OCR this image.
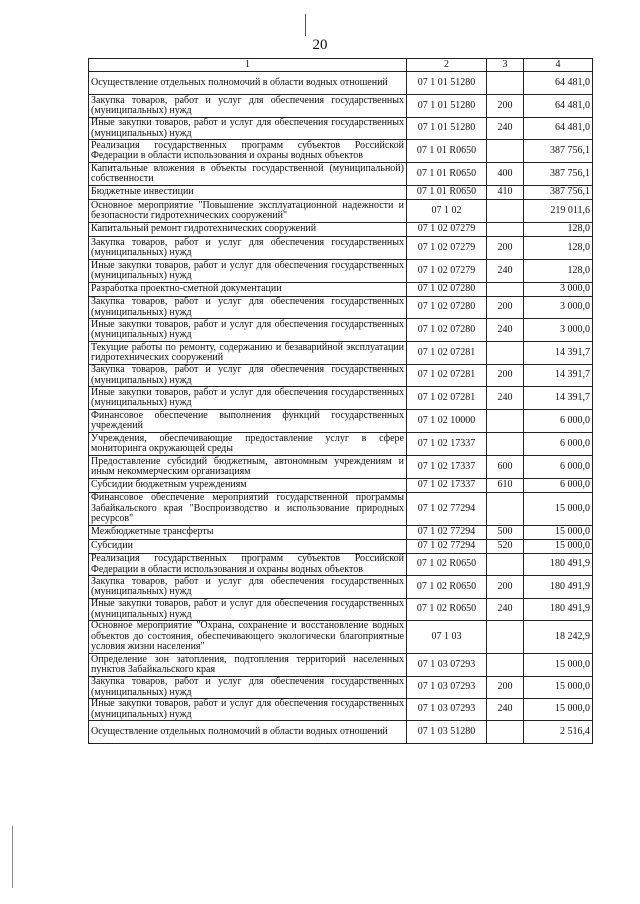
20
1	2	3	4
Осуществление отдельных полномочий в области водных отношений	07 1 01 51280		64 481,0
Закупка товаров, работ и услуг для обеспечения государственных (муниципальных) нужд	07 1 01 51280	200	64 481,0
Иные закупки товаров, работ и услуг для обеспечения государственных (муниципальных) нужд	07 1 01 51280	240	64 481,0
Реализация государственных программ субъектов Российской Федерации в области использования и охраны водных объектов	07 1 01 R0650		387 756,1
Капитальные вложения в объекты государственной (муниципальной) собственности	07 1 01 R0650	400	387 756,1
Бюджетные инвестиции	07 1 01 R0650	410	387 756,1
Основное мероприятие "Повышение эксплуатационной надежности и безопасности гидротехнических сооружений"	07 1 02		219 011,6
Капитальный ремонт гидротехнических сооружений	07 1 02 07279		128,0
Закупка товаров, работ и услуг для обеспечения государственных (муниципальных) нужд	07 1 02 07279	200	128,0
Иные закупки товаров, работ и услуг для обеспечения государственных (муниципальных) нужд	07 1 02 07279	240	128,0
Разработка проектно-сметной документации	07 1 02 07280		3 000,0
Закупка товаров, работ и услуг для обеспечения государственных (муниципальных) нужд	07 1 02 07280	200	3 000,0
Иные закупки товаров, работ и услуг для обеспечения государственных (муниципальных) нужд	07 1 02 07280	240	3 000,0
Текущие работы по ремонту, содержанию и безаварийной эксплуатации гидротехнических сооружений	07 1 02 07281		14 391,7
Закупка товаров, работ и услуг для обеспечения государственных (муниципальных) нужд	07 1 02 07281	200	14 391,7
Иные закупки товаров, работ и услуг для обеспечения государственных (муниципальных) нужд	07 1 02 07281	240	14 391,7
Финансовое обеспечение выполнения функций государственных учреждений	07 1 02 10000		6 000,0
Учреждения, обеспечивающие предоставление услуг в сфере мониторинга окружающей среды	07 1 02 17337		6 000,0
Предоставление субсидий бюджетным, автономным учреждениям и иным некоммерческим организациям	07 1 02 17337	600	6 000,0
Субсидии бюджетным учреждениям	07 1 02 17337	610	6 000,0
Финансовое обеспечение мероприятий государственной программы Забайкальского края "Воспроизводство и использование природных ресурсов"	07 1 02 77294		15 000,0
Межбюджетные трансферты	07 1 02 77294	500	15 000,0
Субсидии	07 1 02 77294	520	15 000,0
Реализация государственных программ субъектов Российской Федерации в области использования и охраны водных объектов	07 1 02 R0650		180 491,9
Закупка товаров, работ и услуг для обеспечения государственных (муниципальных) нужд	07 1 02 R0650	200	180 491,9
Иные закупки товаров, работ и услуг для обеспечения государственных (муниципальных) нужд	07 1 02 R0650	240	180 491,9
Основное мероприятие "Охрана, сохранение и восстановление водных объектов до состояния, обеспечивающего экологически благоприятные условия жизни населения"	07 1 03		18 242,9
Определение зон затопления, подтопления территорий населенных пунктов Забайкальского края	07 1 03 07293		15 000,0
Закупка товаров, работ и услуг для обеспечения государственных (муниципальных) нужд	07 1 03 07293	200	15 000,0
Иные закупки товаров, работ и услуг для обеспечения государственных (муниципальных) нужд	07 1 03 07293	240	15 000,0
Осуществление отдельных полномочий в области водных отношений	07 1 03 51280		2 516,4
